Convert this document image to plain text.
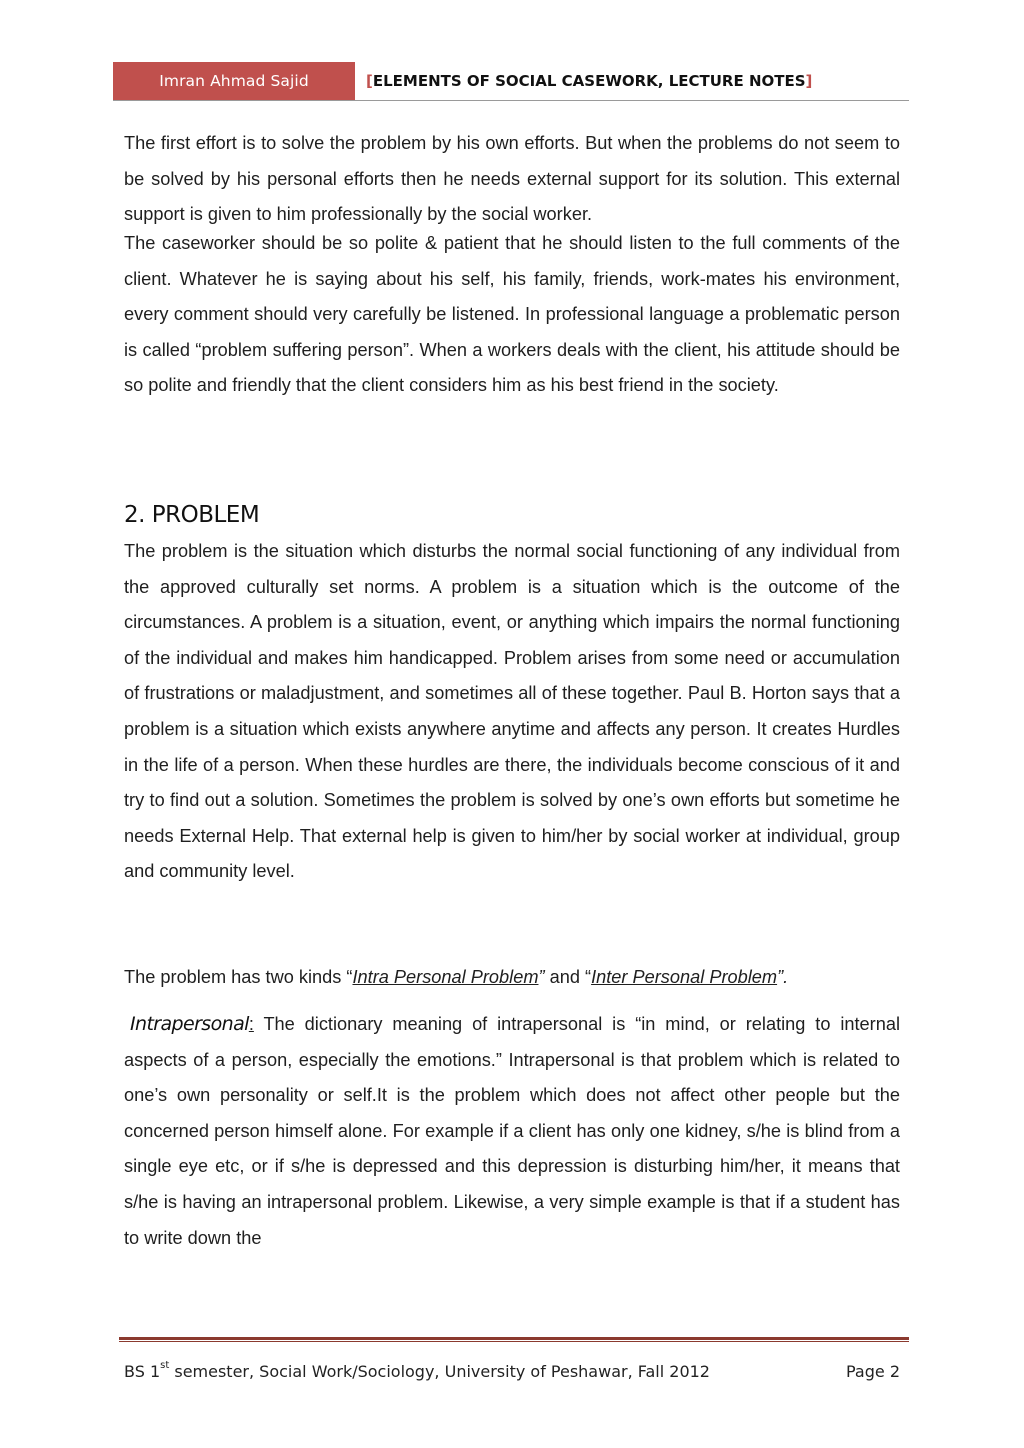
Imran Ahmad Sajid	[ ELEMENTS OF SOCIAL CASEWORK, LECTURE NOTES ]

The first effort is to solve the problem by his own efforts. But when the problems do not seem to be solved by his personal efforts then he needs external support for its solution. This external support is given to him professionally by the social worker.

The caseworker should be so polite & patient that he should listen to the full comments of the client. Whatever he is saying about his self, his family, friends, work-mates his environment, every comment should very carefully be listened. In professional language a problematic person is called “problem suffering person”. When a workers deals with the client, his attitude should be so polite and friendly that the client considers him as his best friend in the society.

2. PROBLEM

The problem is the situation which disturbs the normal social functioning of any individual from the approved culturally set norms. A problem is a situation which is the outcome of the circumstances. A problem is a situation, event, or anything which impairs the normal functioning of the individual and makes him handicapped. Problem arises from some need or accumulation of frustrations or maladjustment, and sometimes all of these together. Paul B. Horton says that a problem is a situation which exists anywhere anytime and affects any person. It creates Hurdles in the life of a person. When these hurdles are there, the individuals become conscious of it and try to find out a solution. Sometimes the problem is solved by one’s own efforts but sometime he needs External Help. That external help is given to him/her by social worker at individual, group and community level.

The problem has two kinds “Intra Personal Problem” and “Inter Personal Problem”.

Intrapersonal: The dictionary meaning of intrapersonal is “in mind, or relating to internal aspects of a person, especially the emotions.” Intrapersonal is that problem which is related to one’s own personality or self.It is the problem which does not affect other people but the concerned person himself alone. For example if a client has only one kidney, s/he is blind from a single eye etc, or if s/he is depressed and this depression is disturbing him/her, it means that s/he is having an intrapersonal problem. Likewise, a very simple example is that if a student has to write down the

BS 1st semester, Social Work/Sociology, University of Peshawar, Fall 2012	Page 2
